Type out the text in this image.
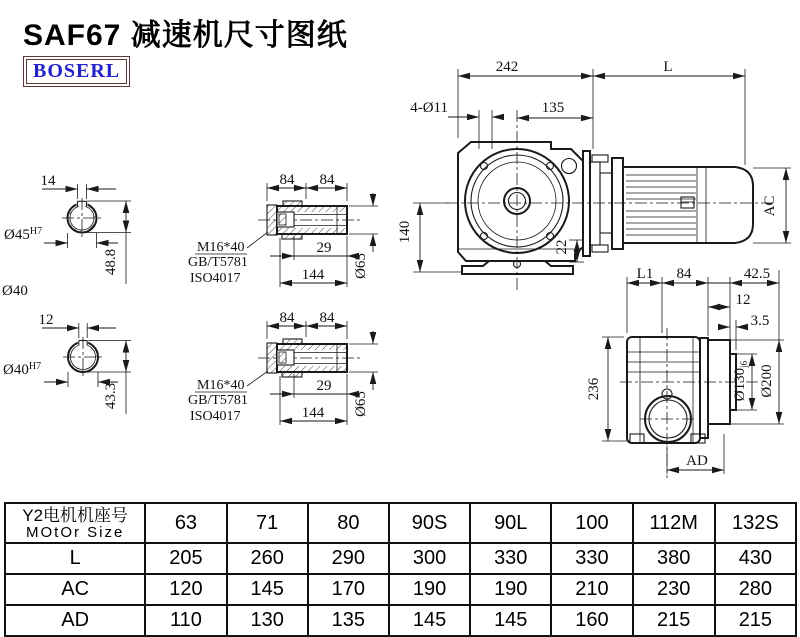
SAF67 减速机尺寸图纸
BOSERL	242	L
135
4-Ø11
140
22
AC
14
$Ø45^{H7}$
48.8
Ø40
12
$Ø40^{H7}$
43.3
84 84
29
144 Ø65
M16*40
GB/T5781
ISO4017
84 84
29
144 Ø65
M16*40
GB/T5781
ISO4017
L1 84	42.5
12
3.5
236	$Ø130_{j6}$ Ø200
AD
Y2电机机座号
MOtOr Size	63	71	80	90S	90L	100	112M	132S
L	205	260	290	300	330	330	380	430
AC	120	145	170	190	190	210	230	280
AD	110	130	135	145	145	160	215	215
